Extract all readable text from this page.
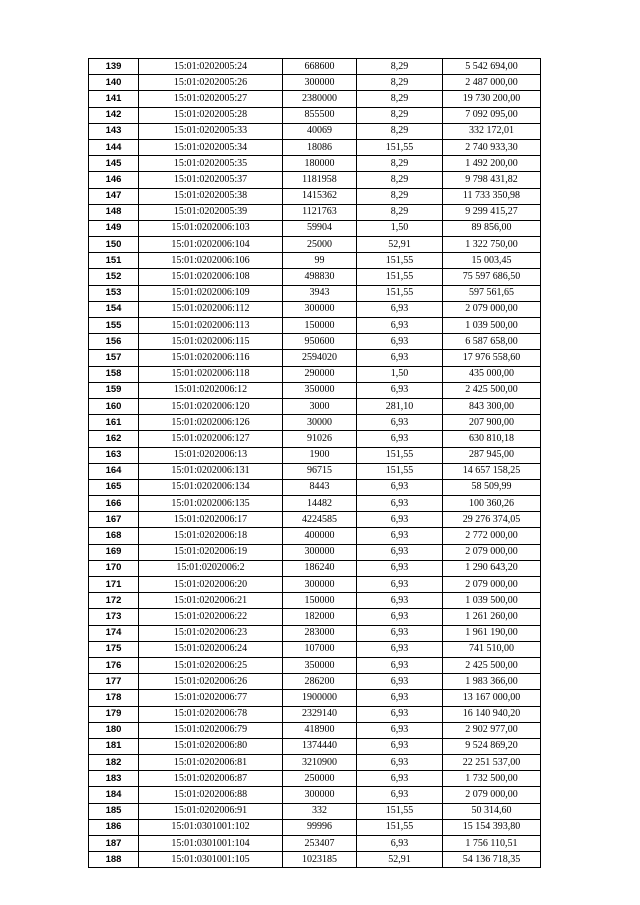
139	15:01:0202005:24	668600	8,29	5 542 694,00
140	15:01:0202005:26	300000	8,29	2 487 000,00
141	15:01:0202005:27	2380000	8,29	19 730 200,00
142	15:01:0202005:28	855500	8,29	7 092 095,00
143	15:01:0202005:33	40069	8,29	332 172,01
144	15:01:0202005:34	18086	151,55	2 740 933,30
145	15:01:0202005:35	180000	8,29	1 492 200,00
146	15:01:0202005:37	1181958	8,29	9 798 431,82
147	15:01:0202005:38	1415362	8,29	11 733 350,98
148	15:01:0202005:39	1121763	8,29	9 299 415,27
149	15:01:0202006:103	59904	1,50	89 856,00
150	15:01:0202006:104	25000	52,91	1 322 750,00
151	15:01:0202006:106	99	151,55	15 003,45
152	15:01:0202006:108	498830	151,55	75 597 686,50
153	15:01:0202006:109	3943	151,55	597 561,65
154	15:01:0202006:112	300000	6,93	2 079 000,00
155	15:01:0202006:113	150000	6,93	1 039 500,00
156	15:01:0202006:115	950600	6,93	6 587 658,00
157	15:01:0202006:116	2594020	6,93	17 976 558,60
158	15:01:0202006:118	290000	1,50	435 000,00
159	15:01:0202006:12	350000	6,93	2 425 500,00
160	15:01:0202006:120	3000	281,10	843 300,00
161	15:01:0202006:126	30000	6,93	207 900,00
162	15:01:0202006:127	91026	6,93	630 810,18
163	15:01:0202006:13	1900	151,55	287 945,00
164	15:01:0202006:131	96715	151,55	14 657 158,25
165	15:01:0202006:134	8443	6,93	58 509,99
166	15:01:0202006:135	14482	6,93	100 360,26
167	15:01:0202006:17	4224585	6,93	29 276 374,05
168	15:01:0202006:18	400000	6,93	2 772 000,00
169	15:01:0202006:19	300000	6,93	2 079 000,00
170	15:01:0202006:2	186240	6,93	1 290 643,20
171	15:01:0202006:20	300000	6,93	2 079 000,00
172	15:01:0202006:21	150000	6,93	1 039 500,00
173	15:01:0202006:22	182000	6,93	1 261 260,00
174	15:01:0202006:23	283000	6,93	1 961 190,00
175	15:01:0202006:24	107000	6,93	741 510,00
176	15:01:0202006:25	350000	6,93	2 425 500,00
177	15:01:0202006:26	286200	6,93	1 983 366,00
178	15:01:0202006:77	1900000	6,93	13 167 000,00
179	15:01:0202006:78	2329140	6,93	16 140 940,20
180	15:01:0202006:79	418900	6,93	2 902 977,00
181	15:01:0202006:80	1374440	6,93	9 524 869,20
182	15:01:0202006:81	3210900	6,93	22 251 537,00
183	15:01:0202006:87	250000	6,93	1 732 500,00
184	15:01:0202006:88	300000	6,93	2 079 000,00
185	15:01:0202006:91	332	151,55	50 314,60
186	15:01:0301001:102	99996	151,55	15 154 393,80
187	15:01:0301001:104	253407	6,93	1 756 110,51
188	15:01:0301001:105	1023185	52,91	54 136 718,35
